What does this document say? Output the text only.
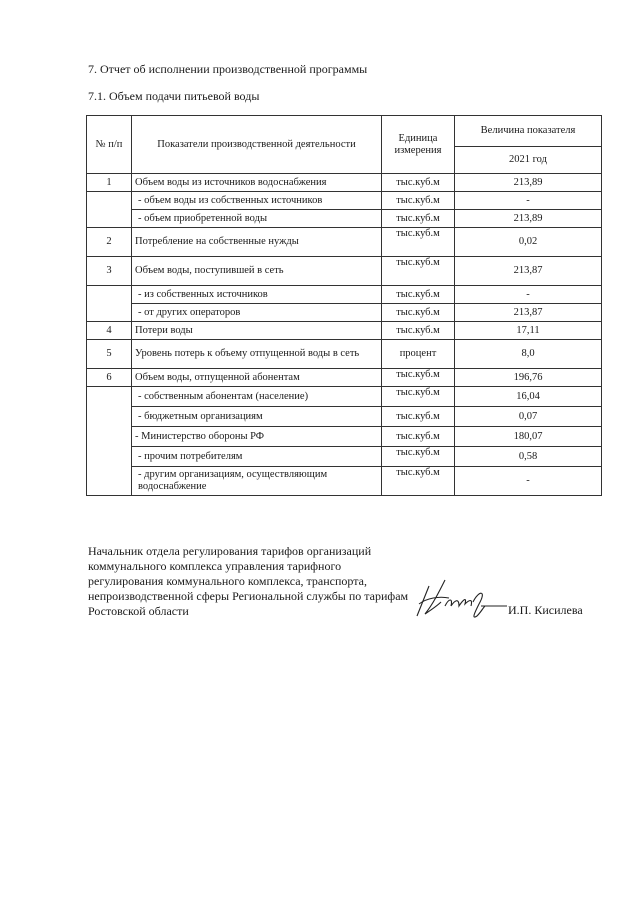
7. Отчет об исполнении производственной программы
7.1. Объем подачи питьевой воды
№ п/п	Показатели производственной деятельности	Единица измерения	Величина показателя
			2021 год
1	Объем воды из источников водоснабжения	тыс.куб.м	213,89
	- объем воды из собственных источников	тыс.куб.м	-
	- объем приобретенной воды	тыс.куб.м	213,89
2	Потребление на собственные нужды	тыс.куб.м	0,02
3	Объем воды, поступившей в сеть	тыс.куб.м	213,87
	- из собственных источников	тыс.куб.м	-
	- от других операторов	тыс.куб.м	213,87
4	Потери воды	тыс.куб.м	17,11
5	Уровень потерь к объему отпущенной воды в сеть	процент	8,0
6	Объем воды, отпущенной абонентам	тыс.куб.м	196,76
	- собственным абонентам (население)	тыс.куб.м	16,04
	- бюджетным организациям	тыс.куб.м	0,07
	- Министерство обороны РФ	тыс.куб.м	180,07
	- прочим потребителям	тыс.куб.м	0,58
	- другим организациям, осуществляющим водоснабжение	тыс.куб.м	-
Начальник отдела регулирования тарифов организаций коммунального комплекса управления тарифного регулирования коммунального комплекса, транспорта, непроизводственной сферы Региональной службы по тарифам Ростовской области	И.П. Кисилева
